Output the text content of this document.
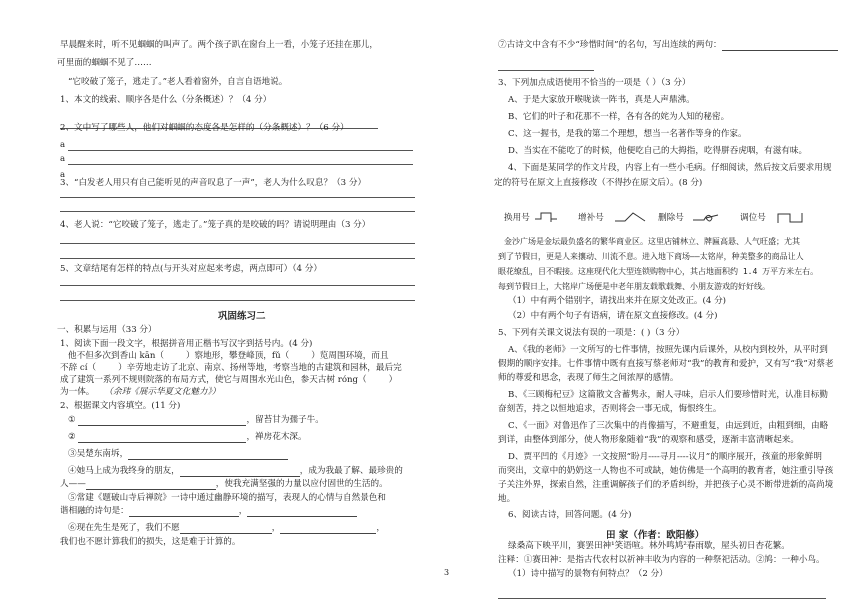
早晨醒来时，听不见蝈蝈的叫声了。两个孩子趴在窗台上一看，小笼子还挂在那儿，
可里面的蝈蝈不见了……
“它咬破了笼子，逃走了。”老人看着窗外，自言自语地说。
1、本文的线索、顺序各是什么（分条概述）？（4 分）
2、文中写了哪些人，他们对蝈蝈的态度各是怎样的（分条概述）？（6 分）
a
a
a
3、“白发老人用只有自己能听见的声音叹息了一声”，老人为什么叹息？（3 分）
4、老人说：“它咬破了笼子，逃走了。”笼子真的是咬破的吗？请说明理由（3 分）
5、文章结尾有怎样的特点(与开头对应起来考虑，两点即可）（4 分）
巩固练习二
一、积累与运用（33 分）
1、阅读下面一段文字，根据拼音用正楷书写汉字到括号内。(4 分)
他不但多次到香山 kān（	）察地形，攀登峰顶，fǔ（	）览周围环境，而且
不辞 cí（	）辛劳地走访了北京、南京、扬州等地，考察当地的古建筑和园林，最后完
成了建筑一系列不规则院落的布局方式，使它与周围水光山色，参天古树 róng（	）
为一体。 （余玮《展示华夏文化魅力》）
2、根据课文内容填空。(11 分)
①	，留苔甘为孺子牛。
②	，禅房花木深。
③吴楚东南坼，
④她马上成为我终身的朋友，	，成为我最了解、最珍贵的
人——	，使我充满坚强的力量以应付固世的生活的。
⑤常建《题破山寺后禅院》一诗中通过幽静环境的描写，表现人的心情与自然景色和
谐相融的诗句是：	，
⑥现在先生是死了，我们不愿	，	，
我们也不愿计算我们的损失，这是难于计算的。
⑦古诗文中含有不少“珍惜时间”的名句，写出连续的两句：
3、下列加点成语使用不恰当的一项是（ ）（3 分）
A、于是大家放开喉咙读一阵书，真是人声鼎沸。
B、它们的叶子和花那不一样，各有各的姹为人知的秘密。
C、这一握书，是我的第二个理想，想当一名著作等身的作家。
D、当实在不能吃了的时候，他便吃自己的大拇指，吃得胼吞虎咽，有滋有味。
4、下面是某同学的作文片段，内容上有一些小毛病。仔细阅读，然后按文后要求用规
定的符号在原文上直接修改（不得抄在原文后）。(8 分)
换用号	增补号	删除号	调位号
金沙广场是金坛最负盛名的繁华商业区。这里店铺林立、牌匾高悬、人气旺盛；尤其
到了节假日，更是人来攘动、川流不息。进入地下商场——太铭岸，种美整多的商品让人
眼花缭乱，目不暇接。这座现代化大型连锁购物中心，其占地面积约 1.4 万平方米左右。
每到节假日上，大铭岸广场便是中老年朋友载歌载舞、小朋友游戏的好好线。
（1）中有两个错别字，请找出来并在原文处改正。(4 分)
（2）中有两个句子有语病，请在原文直接修改。(4 分)
5、下列有关课文说法有误的一项是：( )（3 分）
A、《我的老师》一文所写的七件事情，按照先课内后课外，从校内到校外，从平时到
假期的顺序安排。七件事情中既有直接写蔡老师对“我”的教育和爱护，又有写“我”对蔡老
师的尊爱和思念，表现了师生之间浓厚的感情。
B、《三顾梅杞豆》这篇散文含蓄隽永，耐人寻味，启示人们要珍惜时光，认准目标勤
奋刻苦，持之以恒地追求，否则将会一事无成，悔恨终生。
C、《一面》对鲁迅作了三次集中的肖像描写，不避重复，由远到近，由粗到细，由略
到详，由整体到部分，使人物形象随着“我”的观察和感受，逐渐丰富清晰起来。
D、贾平凹的《月迹》一文按照“盼月----寻月----议月”的顺序展开，孩童的形象鲜明
而突出，文章中的奶奶这一人物也不可或缺，她仿佛是一个高明的教育者，她注重引导孩
子关注外界，探索自然，注重调解孩子们的矛盾纠纷，并把孩子心灵不断带进新的高尚境
地。
6、阅读古诗，回答问题。(4 分)
田 家（作者：欧阳修）
绿桑高下映平川，赛罢田神¹笑语喧。林外鸣鸠²春雨歇，屋头初日杏花繁。
注释：①赛田神：是指古代农村以祈神丰收为内容的一种祭祀活动。②鸠：一种小鸟。
（1）诗中描写的景物有何特点？（2 分）
3
